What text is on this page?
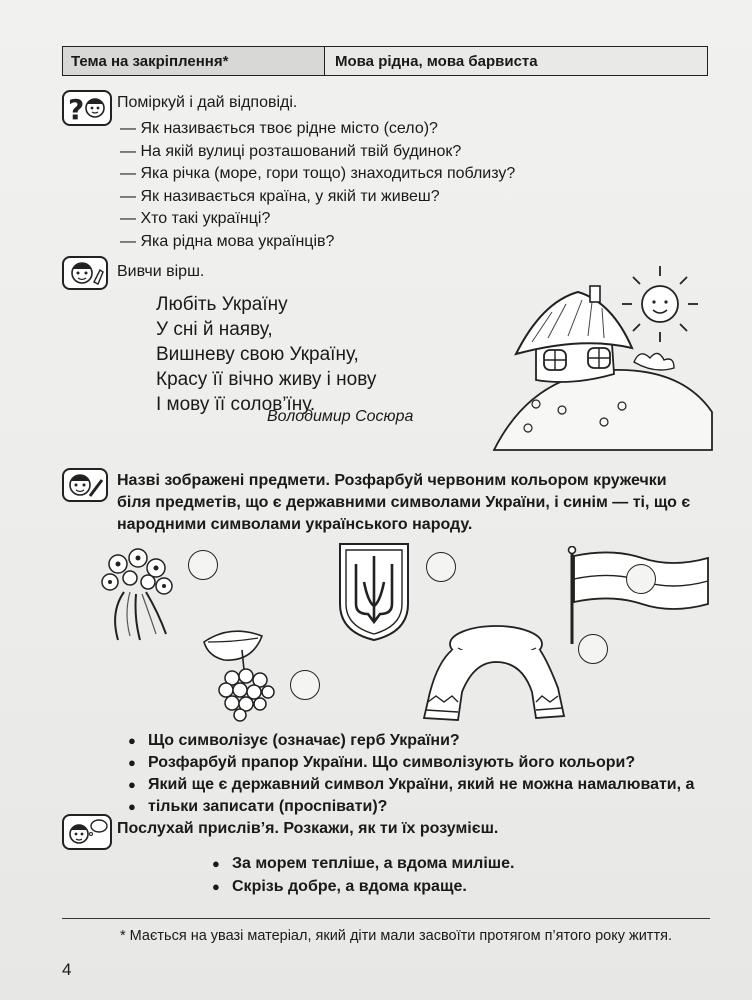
Тема на закріплення*	Мова рідна, мова барвиста
? Поміркуй і дай відповіді.
— Як називається твоє рідне місто (село)?
— На якій вулиці розташований твій будинок?
— Яка річка (море, гори тощо) знаходиться поблизу?
— Як називається країна, у якій ти живеш?
— Хто такі українці?
— Яка рідна мова українців?
Вивчи вірш.
Любіть Україну
У сні й наяву,
Вишневу свою Україну,
Красу її вічно живу і нову
І мову її солов’їну.
Володимир Сосюра
Назві зображені предмети. Розфарбуй червоним кольором кружечки
біля предметів, що є державними символами України, і синім — ті, що є
народними символами українського народу.
● Що символізує (означає) герб України?
● Розфарбуй прапор України. Що символізують його кольори?
● Який ще є державний символ України, який не можна намалювати, а
● тільки записати (проспівати)?
Послухай прислів’я. Розкажи, як ти їх розумієш.
● За морем тепліше, а вдома миліше.
● Скрізь добре, а вдома краще.
* Мається на увазі матеріал, який діти мали засвоїти протягом п’ятого року життя.
4
